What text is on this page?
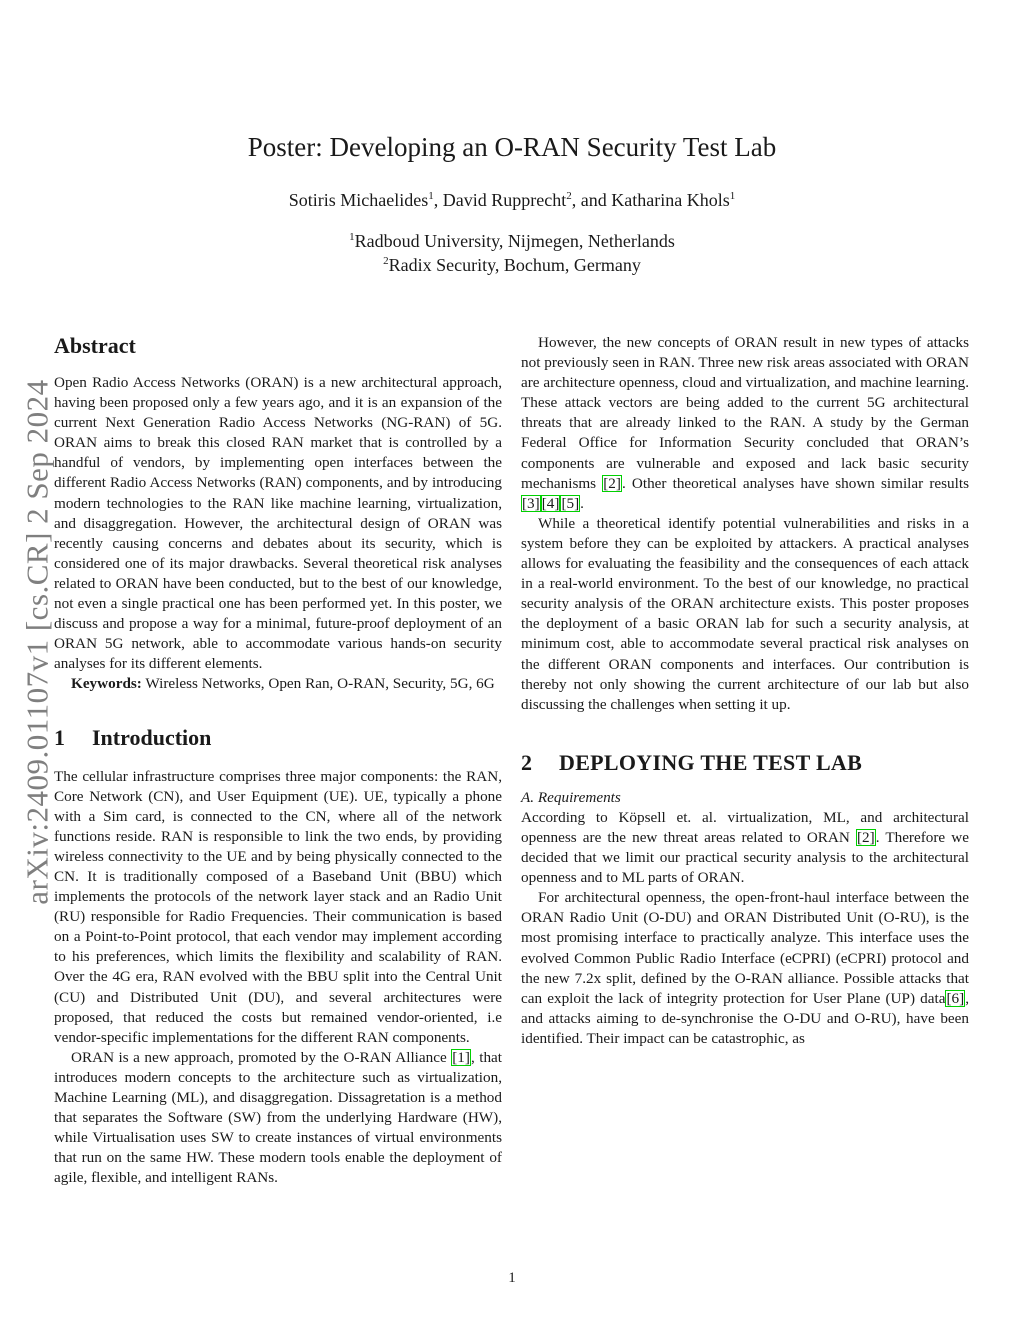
arXiv:2409.01107v1 [cs.CR] 2 Sep 2024
Poster: Developing an O-RAN Security Test Lab
Sotiris Michaelides$^1$, David Rupprecht$^2$, and Katharina Khols$^1$
$^1$Radboud University, Nijmegen, Netherlands
$^2$Radix Security, Bochum, Germany
Abstract

Open Radio Access Networks (ORAN) is a new architectural approach, having been proposed only a few years ago, and it is an expansion of the current Next Generation Radio Access Networks (NG-RAN) of 5G. ORAN aims to break this closed RAN market that is controlled by a handful of vendors, by implementing open interfaces between the different Radio Access Networks (RAN) components, and by introducing modern technologies to the RAN like machine learning, virtualization, and disaggregation. However, the architectural design of ORAN was recently causing concerns and debates about its security, which is considered one of its major drawbacks. Several theoretical risk analyses related to ORAN have been conducted, but to the best of our knowledge, not even a single practical one has been performed yet. In this poster, we discuss and propose a way for a minimal, future-proof deployment of an ORAN 5G network, able to accommodate various hands-on security analyses for its different elements.

Keywords: Wireless Networks, Open Ran, O-RAN, Security, 5G, 6G

1 Introduction

The cellular infrastructure comprises three major components: the RAN, Core Network (CN), and User Equipment (UE). UE, typically a phone with a Sim card, is connected to the CN, where all of the network functions reside. RAN is responsible to link the two ends, by providing wireless connectivity to the UE and by being physically connected to the CN. It is traditionally composed of a Baseband Unit (BBU) which implements the protocols of the network layer stack and an Radio Unit (RU) responsible for Radio Frequencies. Their communication is based on a Point-to-Point protocol, that each vendor may implement according to his preferences, which limits the flexibility and scalability of RAN. Over the 4G era, RAN evolved with the BBU split into the Central Unit (CU) and Distributed Unit (DU), and several architectures were proposed, that reduced the costs but remained vendor-oriented, i.e vendor-specific implementations for the different RAN components.

ORAN is a new approach, promoted by the O-RAN Alliance [1], that introduces modern concepts to the architecture such as virtualization, Machine Learning (ML), and disaggregation. Dissagretation is a method that separates the Software (SW) from the underlying Hardware (HW), while Virtualisation uses SW to create instances of virtual environments that run on the same HW. These modern tools enable the deployment of agile, flexible, and intelligent RANs.

However, the new concepts of ORAN result in new types of attacks not previously seen in RAN. Three new risk areas associated with ORAN are architecture openness, cloud and virtualization, and machine learning. These attack vectors are being added to the current 5G architectural threats that are already linked to the RAN. A study by the German Federal Office for Information Security concluded that ORAN’s components are vulnerable and exposed and lack basic security mechanisms [2]. Other theoretical analyses have shown similar results [3] [4] [5].

While a theoretical identify potential vulnerabilities and risks in a system before they can be exploited by attackers. A practical analyses allows for evaluating the feasibility and the consequences of each attack in a real-world environment. To the best of our knowledge, no practical security analysis of the ORAN architecture exists. This poster proposes the deployment of a basic ORAN lab for such a security analysis, at minimum cost, able to accommodate several practical risk analyses on the different ORAN components and interfaces. Our contribution is thereby not only showing the current architecture of our lab but also discussing the challenges when setting it up.

2 DEPLOYING THE TEST LAB

A. Requirements

According to Köpsell et. al. virtualization, ML, and architectural openness are the new threat areas related to ORAN [2]. Therefore we decided that we limit our practical security analysis to the architectural openness and to ML parts of ORAN.

For architectural openness, the open-front-haul interface between the ORAN Radio Unit (O-DU) and ORAN Distributed Unit (O-RU), is the most promising interface to practically analyze. This interface uses the evolved Common Public Radio Interface (eCPRI) (eCPRI) protocol and the new 7.2x split, defined by the O-RAN alliance. Possible attacks that can exploit the lack of integrity protection for User Plane (UP) data[6], and attacks aiming to de-synchronise the O-DU and O-RU), have been identified. Their impact can be catastrophic, as

1
